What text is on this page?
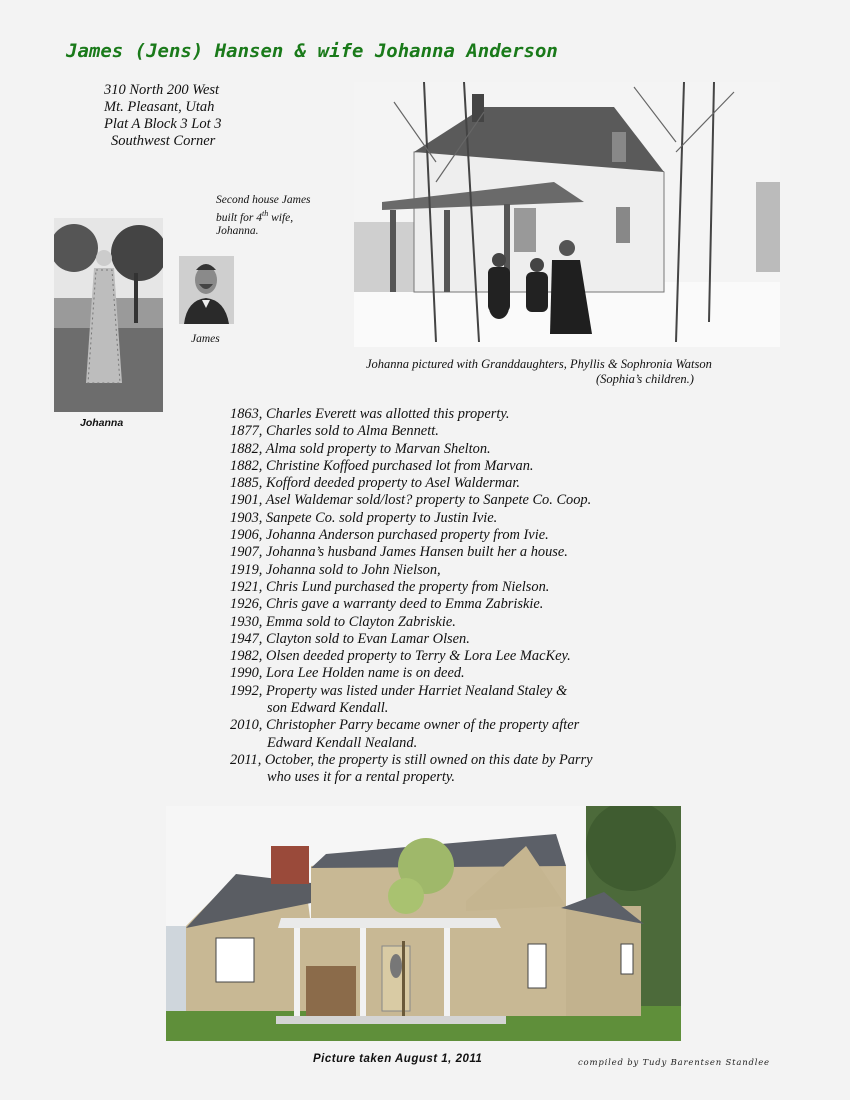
James (Jens) Hansen & wife Johanna Anderson
310 North 200 West
Mt. Pleasant, Utah
Plat A Block 3 Lot 3
Southwest Corner
Second house James
built for 4th wife,
Johanna.
Johanna
James
Johanna pictured with Granddaughters, Phyllis & Sophronia Watson
(Sophia’s children.)
1863, Charles Everett was allotted this property.
1877, Charles sold to Alma Bennett.
1882, Alma sold property to Marvan Shelton.
1882, Christine Koffoed purchased lot from Marvan.
1885, Kofford deeded property to Asel Waldermar.
1901, Asel Waldemar sold/lost? property to Sanpete Co. Coop.
1903, Sanpete Co. sold property to Justin Ivie.
1906, Johanna Anderson purchased property from Ivie.
1907, Johanna’s husband James Hansen built her a house.
1919, Johanna sold to John Nielson,
1921, Chris Lund purchased the property from Nielson.
1926, Chris gave a warranty deed to Emma Zabriskie.
1930, Emma sold to Clayton Zabriskie.
1947, Clayton sold to Evan Lamar Olsen.
1982, Olsen deeded property to Terry & Lora Lee MacKey.
1990, Lora Lee Holden name is on deed.
1992, Property was listed under Harriet Nealand Staley &
son Edward Kendall.
2010, Christopher Parry became owner of the property after
Edward Kendall Nealand.
2011, October, the property is still owned on this date by Parry
who uses it for a rental property.
Picture taken August 1, 2011	compiled by Tudy Barentsen Standlee
